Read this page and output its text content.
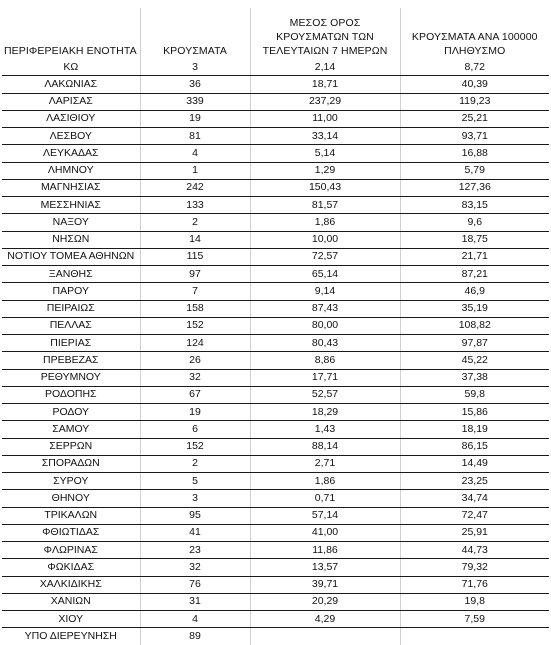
ΠΕΡΙΦΕΡΕΙΑΚΗ ΕΝΟΤΗΤΑ	ΚΡΟΥΣΜΑΤΑ	ΜΕΣΟΣ ΟΡΟΣ ΚΡΟΥΣΜΑΤΩΝ ΤΩΝ ΤΕΛΕΥΤΑΙΩΝ 7 ΗΜΕΡΩΝ	ΚΡΟΥΣΜΑΤΑ ΑΝΑ 100000 ΠΛΗΘΥΣΜΟ
ΚΩ	3	2,14	8,72
ΛΑΚΩΝΙΑΣ	36	18,71	40,39
ΛΑΡΙΣΑΣ	339	237,29	119,23
ΛΑΣΙΘΙΟΥ	19	11,00	25,21
ΛΕΣΒΟΥ	81	33,14	93,71
ΛΕΥΚΑΔΑΣ	4	5,14	16,88
ΛΗΜΝΟΥ	1	1,29	5,79
ΜΑΓΝΗΣΙΑΣ	242	150,43	127,36
ΜΕΣΣΗΝΙΑΣ	133	81,57	83,15
ΝΑΞΟΥ	2	1,86	9,6
ΝΗΣΩΝ	14	10,00	18,75
ΝΟΤΙΟΥ ΤΟΜΕΑ ΑΘΗΝΩΝ	115	72,57	21,71
ΞΑΝΘΗΣ	97	65,14	87,21
ΠΑΡΟΥ	7	9,14	46,9
ΠΕΙΡΑΙΩΣ	158	87,43	35,19
ΠΕΛΛΑΣ	152	80,00	108,82
ΠΙΕΡΙΑΣ	124	80,43	97,87
ΠΡΕΒΕΖΑΣ	26	8,86	45,22
ΡΕΘΥΜΝΟΥ	32	17,71	37,38
ΡΟΔΟΠΗΣ	67	52,57	59,8
ΡΟΔΟΥ	19	18,29	15,86
ΣΑΜΟΥ	6	1,43	18,19
ΣΕΡΡΩΝ	152	88,14	86,15
ΣΠΟΡΑΔΩΝ	2	2,71	14,49
ΣΥΡΟΥ	5	1,86	23,25
ΘΗΝΟΥ	3	0,71	34,74
ΤΡΙΚΑΛΩΝ	95	57,14	72,47
ΦΘΙΩΤΙΔΑΣ	41	41,00	25,91
ΦΛΩΡΙΝΑΣ	23	11,86	44,73
ΦΩΚΙΔΑΣ	32	13,57	79,32
ΧΑΛΚΙΔΙΚΗΣ	76	39,71	71,76
ΧΑΝΙΩΝ	31	20,29	19,8
ΧΙΟΥ	4	4,29	7,59
ΥΠΟ ΔΙΕΡΕΥΝΗΣΗ	89		
